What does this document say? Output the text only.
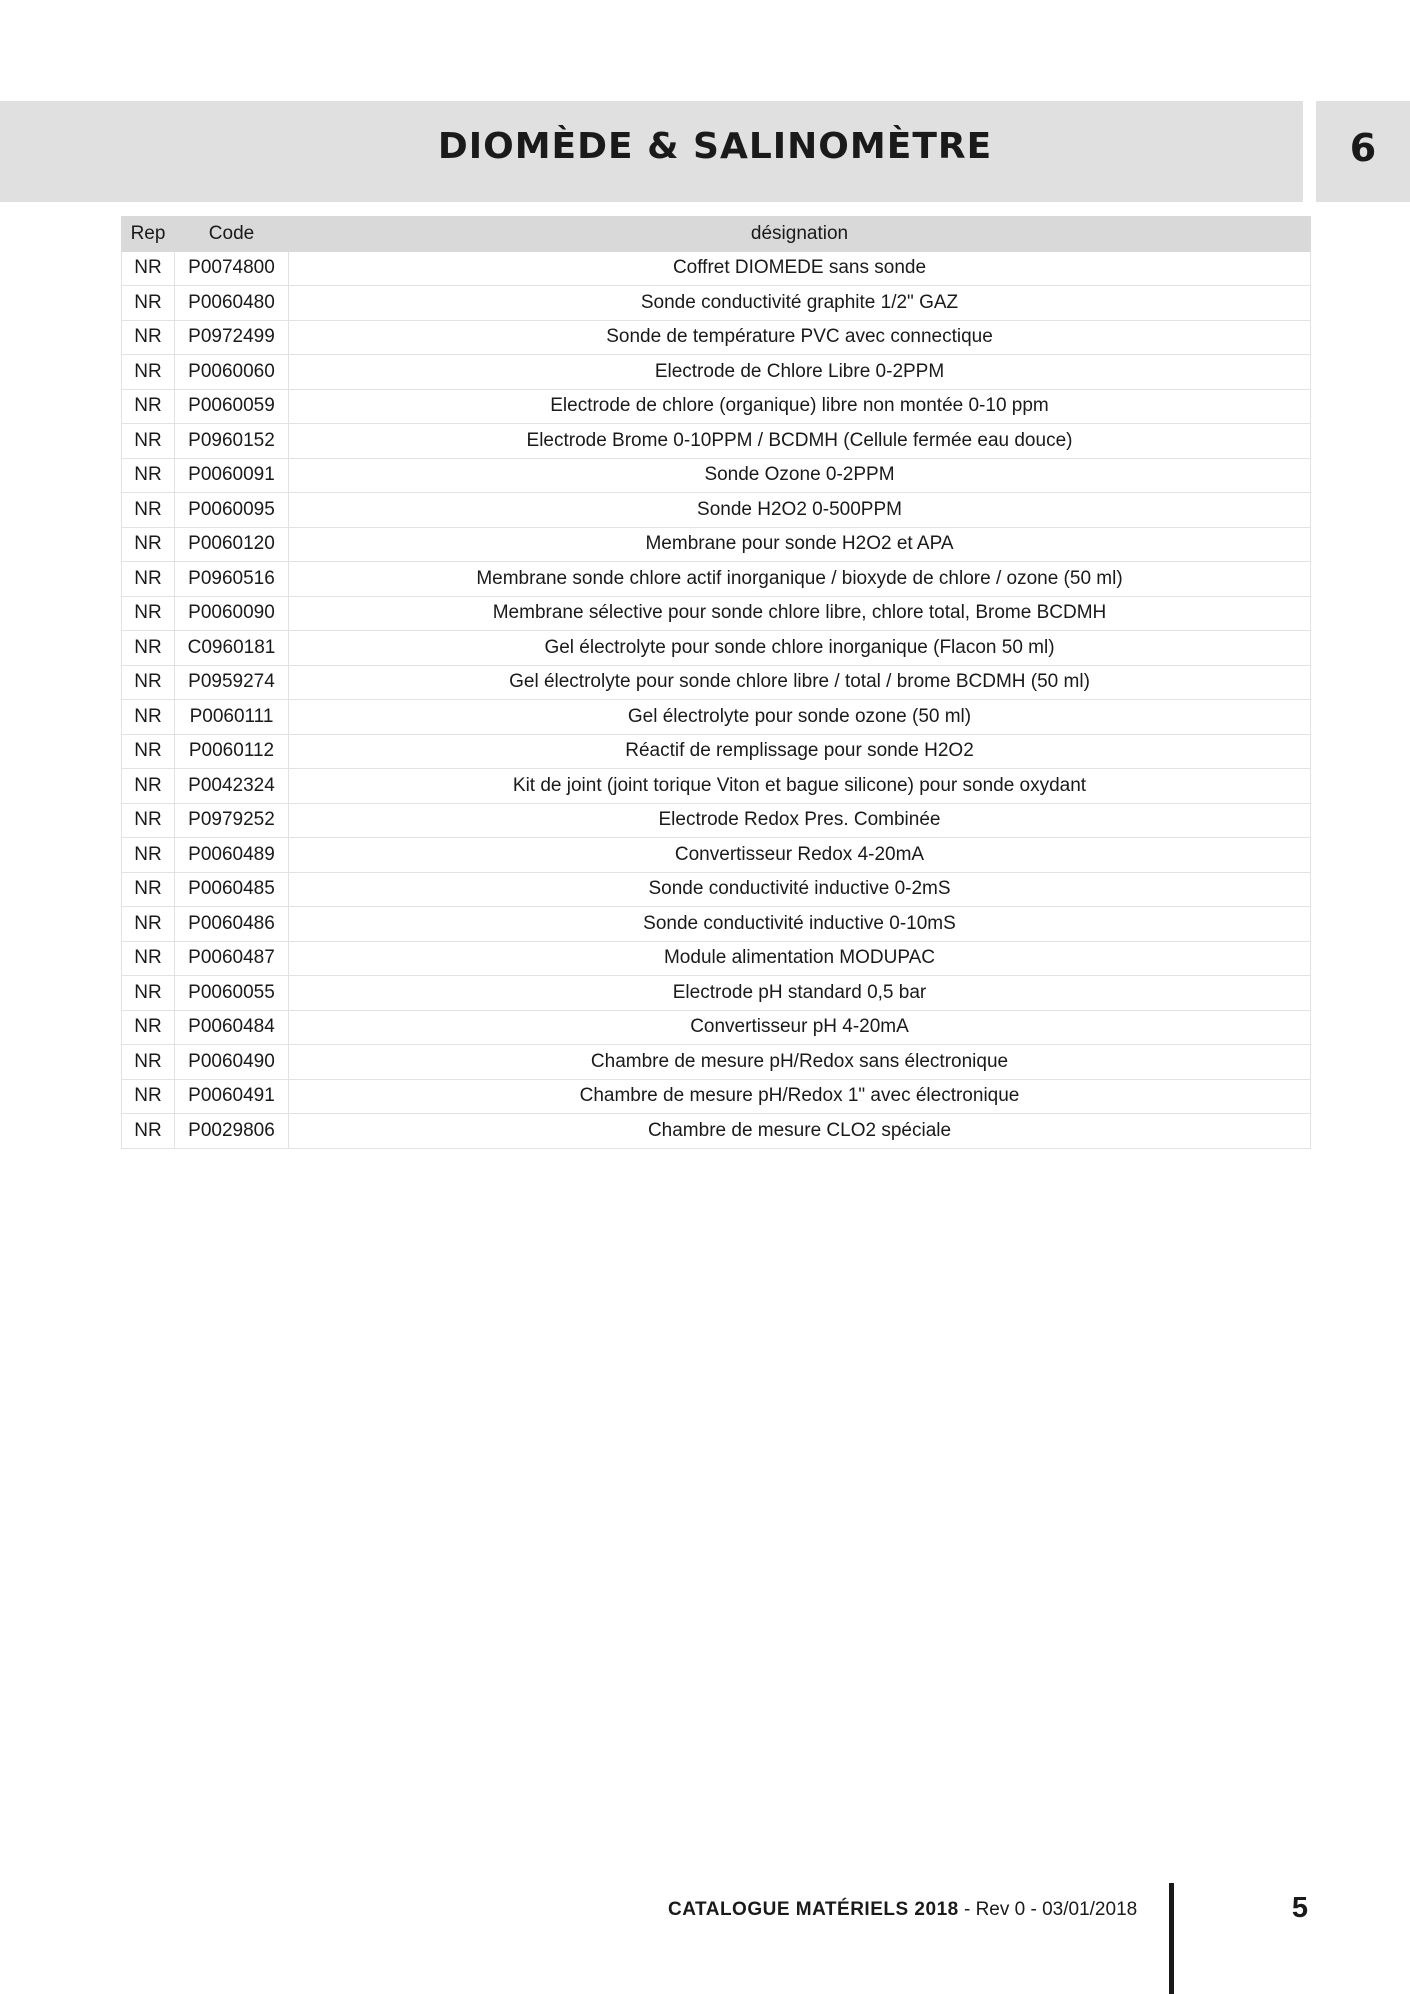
DIOMÈDE & SALINOMÈTRE	6
Rep	Code	désignation
NR	P0074800	Coffret DIOMEDE sans sonde
NR	P0060480	Sonde conductivité graphite 1/2" GAZ
NR	P0972499	Sonde de température PVC avec connectique
NR	P0060060	Electrode de Chlore Libre 0-2PPM
NR	P0060059	Electrode de chlore (organique) libre non montée 0-10 ppm
NR	P0960152	Electrode Brome 0-10PPM / BCDMH (Cellule fermée eau douce)
NR	P0060091	Sonde Ozone 0-2PPM
NR	P0060095	Sonde H2O2 0-500PPM
NR	P0060120	Membrane pour sonde H2O2 et APA
NR	P0960516	Membrane sonde chlore actif inorganique / bioxyde de chlore / ozone (50 ml)
NR	P0060090	Membrane sélective pour sonde chlore libre, chlore total, Brome BCDMH
NR	C0960181	Gel électrolyte pour sonde chlore inorganique (Flacon 50 ml)
NR	P0959274	Gel électrolyte pour sonde chlore libre / total / brome BCDMH (50 ml)
NR	P0060111	Gel électrolyte pour sonde ozone (50 ml)
NR	P0060112	Réactif de remplissage pour sonde H2O2
NR	P0042324	Kit de joint (joint torique Viton et bague silicone) pour sonde oxydant
NR	P0979252	Electrode Redox Pres. Combinée
NR	P0060489	Convertisseur Redox 4-20mA
NR	P0060485	Sonde conductivité inductive 0-2mS
NR	P0060486	Sonde conductivité inductive 0-10mS
NR	P0060487	Module alimentation MODUPAC
NR	P0060055	Electrode pH standard 0,5 bar
NR	P0060484	Convertisseur pH 4-20mA
NR	P0060490	Chambre de mesure pH/Redox sans électronique
NR	P0060491	Chambre de mesure pH/Redox 1" avec électronique
NR	P0029806	Chambre de mesure CLO2 spéciale
CATALOGUE MATÉRIELS 2018 - Rev 0 - 03/01/2018	5
